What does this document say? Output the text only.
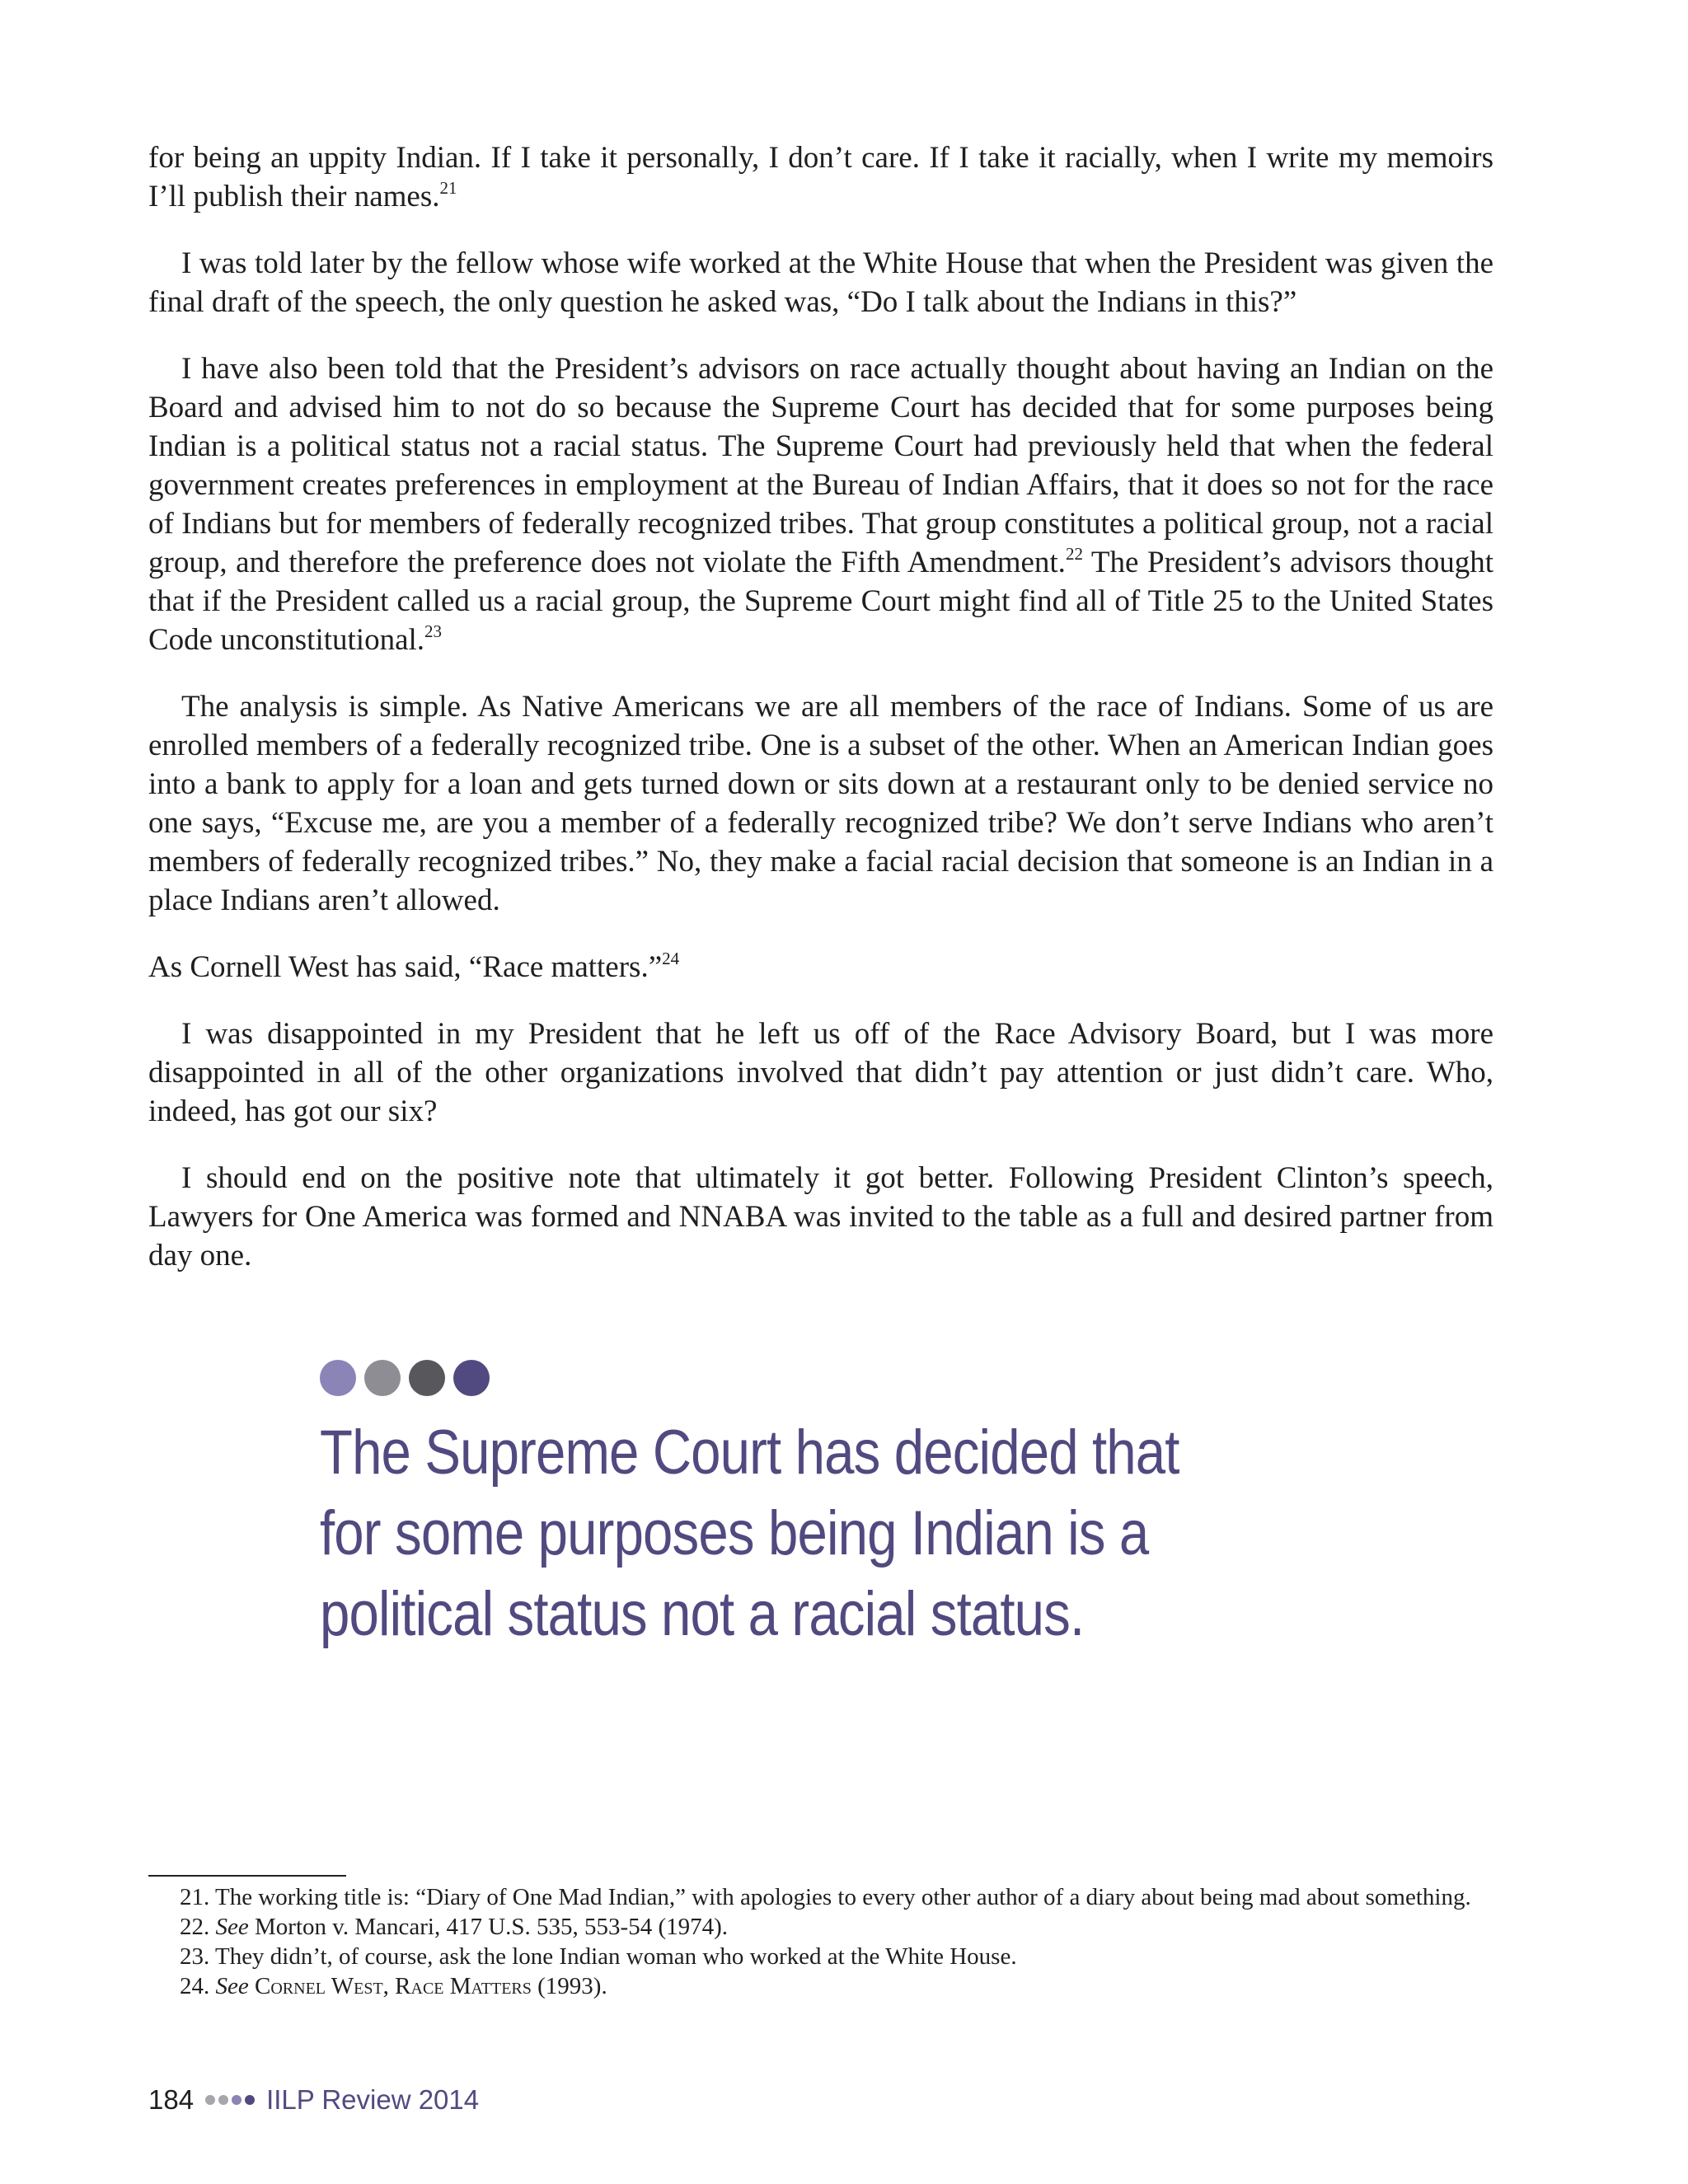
for being an uppity Indian. If I take it personally, I don’t care. If I take it racially, when I write my memoirs I’ll publish their names.$^{21}$

I was told later by the fellow whose wife worked at the White House that when the President was given the final draft of the speech, the only question he asked was, “Do I talk about the Indians in this?”

I have also been told that the President’s advisors on race actually thought about having an Indian on the Board and advised him to not do so because the Supreme Court has decided that for some purposes being Indian is a political status not a racial status. The Supreme Court had previously held that when the federal government creates preferences in employment at the Bureau of Indian Affairs, that it does so not for the race of Indians but for members of federally recognized tribes. That group constitutes a political group, not a racial group, and therefore the preference does not violate the Fifth Amendment.$^{22}$ The President’s advisors thought that if the President called us a racial group, the Supreme Court might find all of Title 25 to the United States Code unconstitutional.$^{23}$

The analysis is simple. As Native Americans we are all members of the race of Indians. Some of us are enrolled members of a federally recognized tribe. One is a subset of the other. When an American Indian goes into a bank to apply for a loan and gets turned down or sits down at a restaurant only to be denied service no one says, “Excuse me, are you a member of a federally recognized tribe? We don’t serve Indians who aren’t members of federally recognized tribes.” No, they make a facial racial decision that someone is an Indian in a place Indians aren’t allowed.

As Cornell West has said, “Race matters.”$^{24}$

I was disappointed in my President that he left us off of the Race Advisory Board, but I was more disappointed in all of the other organizations involved that didn’t pay attention or just didn’t care. Who, indeed, has got our six?

I should end on the positive note that ultimately it got better. Following President Clinton’s speech, Lawyers for One America was formed and NNABA was invited to the table as a full and desired partner from day one.

The Supreme Court has decided that for some purposes being Indian is a political status not a racial status.

21. The working title is: “Diary of One Mad Indian,” with apologies to every other author of a diary about being mad about something.

22. See Morton v. Mancari, 417 U.S. 535, 553-54 (1974).

23. They didn’t, of course, ask the lone Indian woman who worked at the White House.

24. See Cornel West, Race Matters (1993).

184	IILP Review 2014
